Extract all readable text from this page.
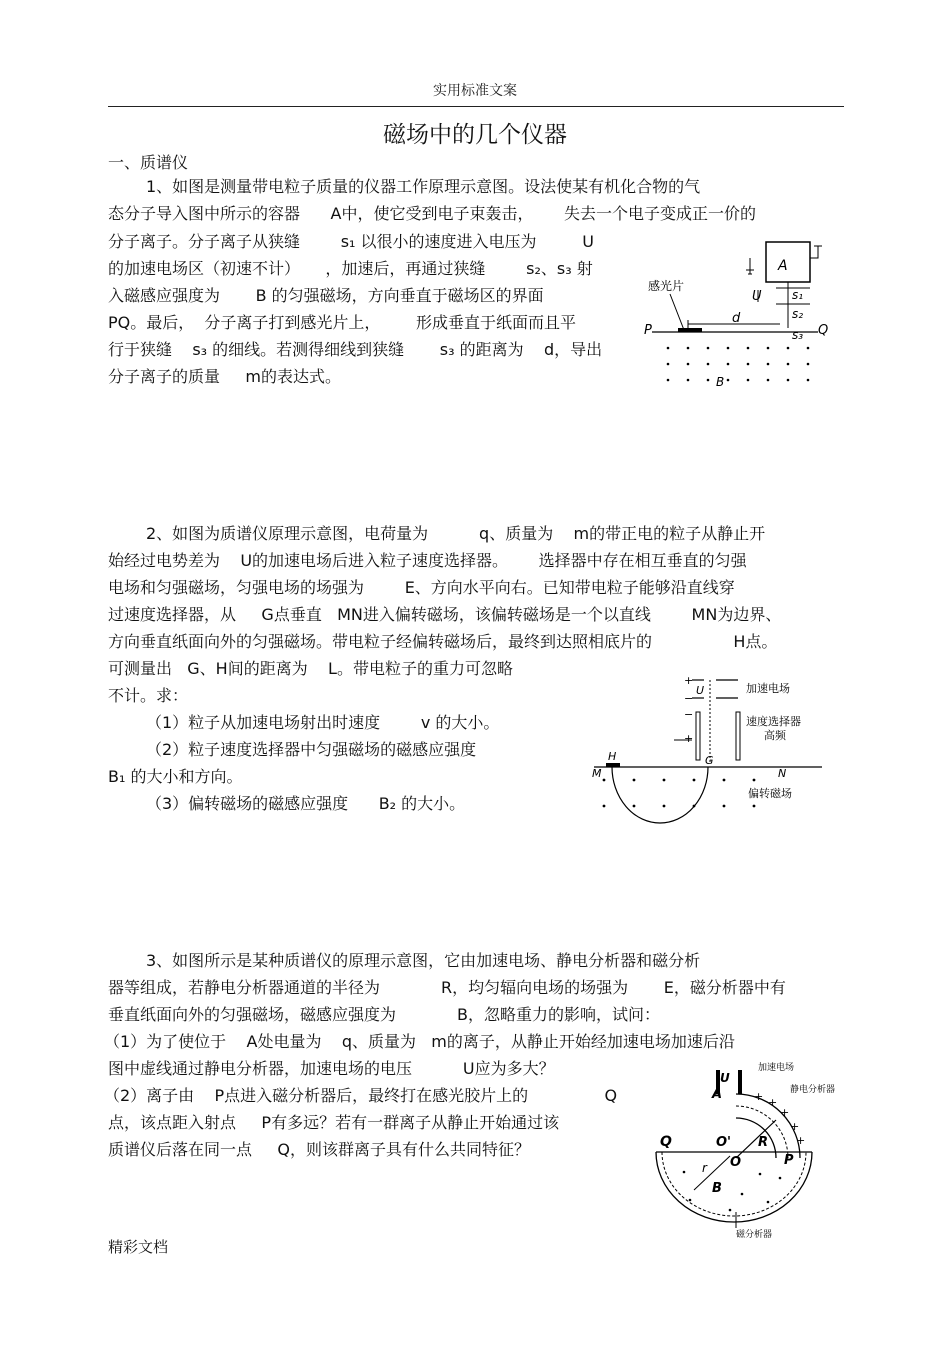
实用标准文案
磁场中的几个仪器
一、质谱仪
1、如图是测量带电粒子质量的仪器工作原理示意图。设法使某有机化合物的气
态分子导入图中所示的容器      A中，使它受到电子束轰击，      失去一个电子变成正一价的
分子离子。分子离子从狭缝        s₁ 以很小的速度进入电压为         U
的加速电场区（初速不计）     ，加速后，再通过狭缝        s₂、s₃ 射
入磁感应强度为       B 的匀强磁场，方向垂直于磁场区的界面
PQ。最后，  分子离子打到感光片上，       形成垂直于纸面而且平
行于狭缝    s₃ 的细线。若测得细线到狭缝       s₃ 的距离为    d，导出
分子离子的质量     m的表达式。
A
U	s₁
s₂
s₃
感光片
d
P	Q
B
2、如图为质谱仪原理示意图，电荷量为          q、质量为    m的带正电的粒子从静止开
始经过电势差为    U的加速电场后进入粒子速度选择器。      选择器中存在相互垂直的匀强
电场和匀强磁场，匀强电场的场强为        E、方向水平向右。已知带电粒子能够沿直线穿
过速度选择器，从     G点垂直   MN进入偏转磁场，该偏转磁场是一个以直线        MN为边界、
方向垂直纸面向外的匀强磁场。带电粒子经偏转磁场后，最终到达照相底片的                H点。
可测量出   G、H间的距离为    L。带电粒子的重力可忽略
不计。求：
（1）粒子从加速电场射出时速度        v 的大小。
（2）粒子速度选择器中匀强磁场的磁感应强度
B₁ 的大小和方向。
（3）偏转磁场的磁感应强度      B₂ 的大小。
+
U
−
加速电场
−
+
速度选择器
高频
H	G
M	N
偏转磁场
3、如图所示是某种质谱仪的原理示意图，它由加速电场、静电分析器和磁分析
器等组成，若静电分析器通道的半径为            R，均匀辐向电场的场强为       E，磁分析器中有
垂直纸面向外的匀强磁场，磁感应强度为            B，忽略重力的影响，试问：
（1）为了使位于    A处电量为    q、质量为   m的离子，从静止开始经加速电场加速后沿
图中虚线通过静电分析器，加速电场的电压          U应为多大？
（2）离子由    P点进入磁分析器后，最终打在感光胶片上的               Q
点，该点距入射点     P有多远？若有一群离子从静止开始通过该
质谱仪后落在同一点     Q，则该群离子具有什么共同特征？
加速电场
静电分析器
U
A	+ +
+
+
+
R
O'
O
Q
P
r
B
磁分析器
精彩文档
